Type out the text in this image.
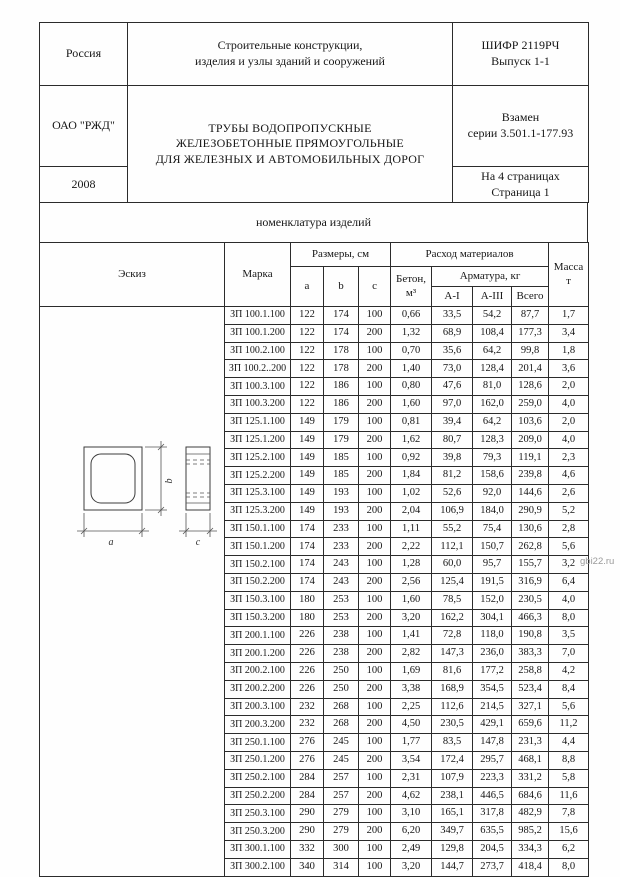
Россия	
Строительные конструкции,
изделия и узлы зданий и сооружений

ШИФР 2119РЧ
Выпуск 1-1

ОАО "РЖД"	ТРУБЫ ВОДОПРОПУСКНЫЕ
ЖЕЛЕЗОБЕТОННЫЕ ПРЯМОУГОЛЬНЫЕ
ДЛЯ ЖЕЛЕЗНЫХ И АВТОМОБИЛЬНЫХ ДОРОГ

Взамен
серии 3.501.1-177.93

2008		На 4 страницах
Страница 1
номенклатура изделий
Эскиз	Марка	Размеры, см			Расход материалов				Масса
т

		a	b	c	Бетон,
м³	Арматура, кг			
						А-I	А-III	Всего	

a
b
c	ЗП 100.1.100	122	174	100	0,66	33,5	54,2	87,7	1,7
	ЗП 100.1.200	122	174	200	1,32	68,9	108,4	177,3	3,4
	ЗП 100.2.100	122	178	100	0,70	35,6	64,2	99,8	1,8
	ЗП 100.2..200	122	178	200	1,40	73,0	128,4	201,4	3,6
	ЗП 100.3.100	122	186	100	0,80	47,6	81,0	128,6	2,0
	ЗП 100.3.200	122	186	200	1,60	97,0	162,0	259,0	4,0
	ЗП 125.1.100	149	179	100	0,81	39,4	64,2	103,6	2,0
	ЗП 125.1.200	149	179	200	1,62	80,7	128,3	209,0	4,0
	ЗП 125.2.100	149	185	100	0,92	39,8	79,3	119,1	2,3
	ЗП 125.2.200	149	185	200	1,84	81,2	158,6	239,8	4,6
	ЗП 125.3.100	149	193	100	1,02	52,6	92,0	144,6	2,6
	ЗП 125.3.200	149	193	200	2,04	106,9	184,0	290,9	5,2
	ЗП 150.1.100	174	233	100	1,11	55,2	75,4	130,6	2,8
	ЗП 150.1.200	174	233	200	2,22	112,1	150,7	262,8	5,6
	ЗП 150.2.100	174	243	100	1,28	60,0	95,7	155,7	3,2
	ЗП 150.2.200	174	243	200	2,56	125,4	191,5	316,9	6,4
	ЗП 150.3.100	180	253	100	1,60	78,5	152,0	230,5	4,0
	ЗП 150.3.200	180	253	200	3,20	162,2	304,1	466,3	8,0
	ЗП 200.1.100	226	238	100	1,41	72,8	118,0	190,8	3,5
	ЗП 200.1.200	226	238	200	2,82	147,3	236,0	383,3	7,0
	ЗП 200.2.100	226	250	100	1,69	81,6	177,2	258,8	4,2
	ЗП 200.2.200	226	250	200	3,38	168,9	354,5	523,4	8,4
	ЗП 200.3.100	232	268	100	2,25	112,6	214,5	327,1	5,6
	ЗП 200.3.200	232	268	200	4,50	230,5	429,1	659,6	11,2
	ЗП 250.1.100	276	245	100	1,77	83,5	147,8	231,3	4,4
	ЗП 250.1.200	276	245	200	3,54	172,4	295,7	468,1	8,8
	ЗП 250.2.100	284	257	100	2,31	107,9	223,3	331,2	5,8
	ЗП 250.2.200	284	257	200	4,62	238,1	446,5	684,6	11,6
	ЗП 250.3.100	290	279	100	3,10	165,1	317,8	482,9	7,8
	ЗП 250.3.200	290	279	200	6,20	349,7	635,5	985,2	15,6
	ЗП 300.1.100	332	300	100	2,49	129,8	204,5	334,3	6,2
	ЗП 300.2.100	340	314	100	3,20	144,7	273,7	418,4	8,0

gbi22.ru
